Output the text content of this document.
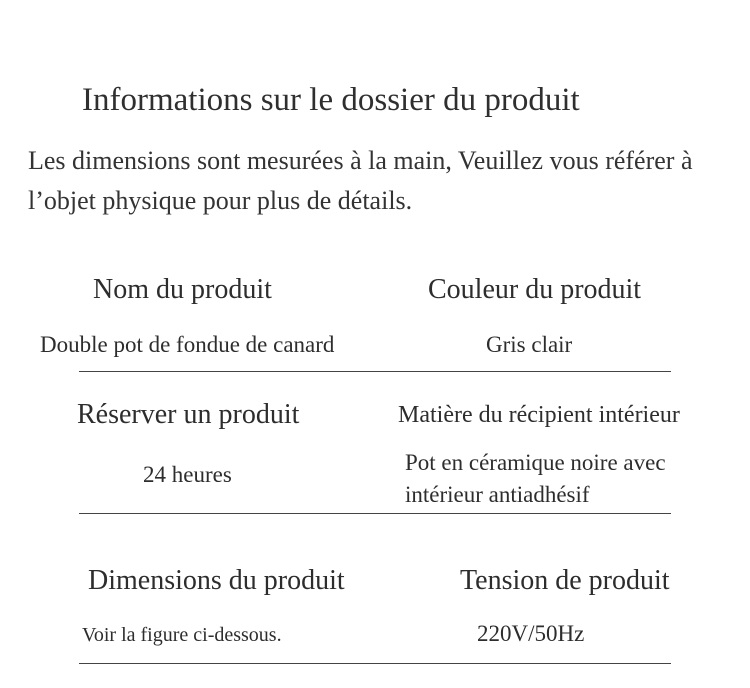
Informations sur le dossier du produit
Les dimensions sont mesurées à la main, Veuillez vous référer à l’objet physique pour plus de détails.
Nom du produit	Couleur du produit
Double pot de fondue de canard	Gris clair
Réserver un produit	Matière du récipient intérieur
24 heures	Pot en céramique noire avec intérieur antiadhésif
Dimensions du produit	Tension de produit
Voir la figure ci-dessous.	220V/50Hz
